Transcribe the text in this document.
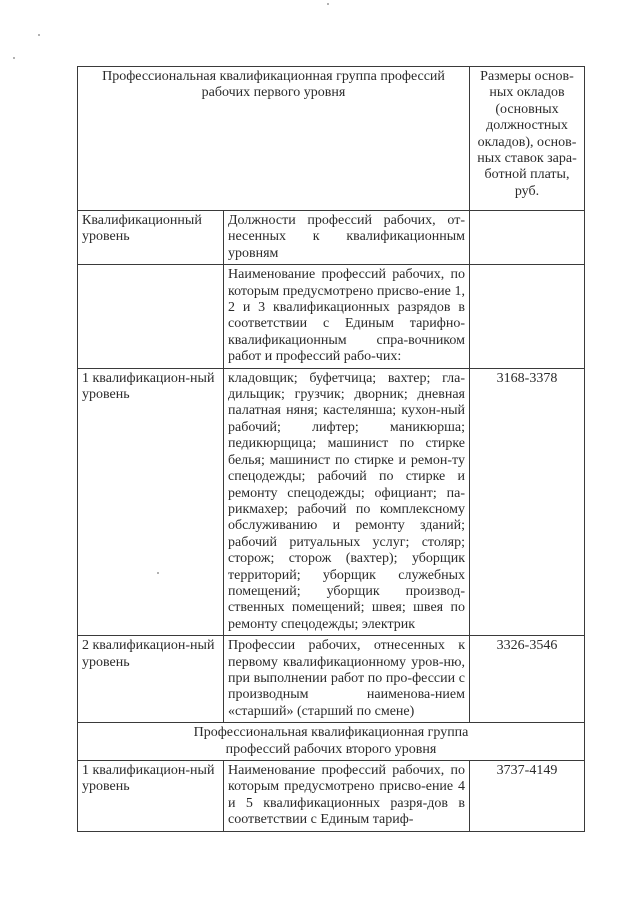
Профессиональная квалификационная группа профессий рабочих первого уровня		Размеры основ-ных окладов (основных должностных окладов), основ-ных ставок зара-ботной платы, руб.
Квалификационный уровень	Должности профессий рабочих, от-несенных к квалификационным уровням	
	Наименование профессий рабочих, по которым предусмотрено присво-ение 1, 2 и 3 квалификационных разрядов в соответствии с Единым тарифно-квалификационным спра-вочником работ и профессий рабо-чих:	
1 квалификацион-ный уровень	кладовщик; буфетчица; вахтер; гла-дильщик; грузчик; дворник; дневная палатная няня; кастелянша; кухон-ный рабочий; лифтер; маникюрша; педикюрщица; машинист по стирке белья; машинист по стирке и ремон-ту спецодежды; рабочий по стирке и ремонту спецодежды; официант; па-рикмахер; рабочий по комплексному обслуживанию и ремонту зданий; рабочий ритуальных услуг; столяр; сторож; сторож (вахтер); уборщик территорий; уборщик служебных помещений; уборщик производ-ственных помещений; швея; швея по ремонту спецодежды; электрик	3168-3378
2 квалификацион-ный уровень	Профессии рабочих, отнесенных к первому квалификационному уров-ню, при выполнении работ по про-фессии с производным наименова-нием «старший» (старший по смене)	3326-3546
Профессиональная квалификационная группа профессий рабочих второго уровня		
1 квалификацион-ный уровень	Наименование профессий рабочих, по которым предусмотрено присво-ение 4 и 5 квалификационных разря-дов в соответствии с Единым тариф-	3737-4149
